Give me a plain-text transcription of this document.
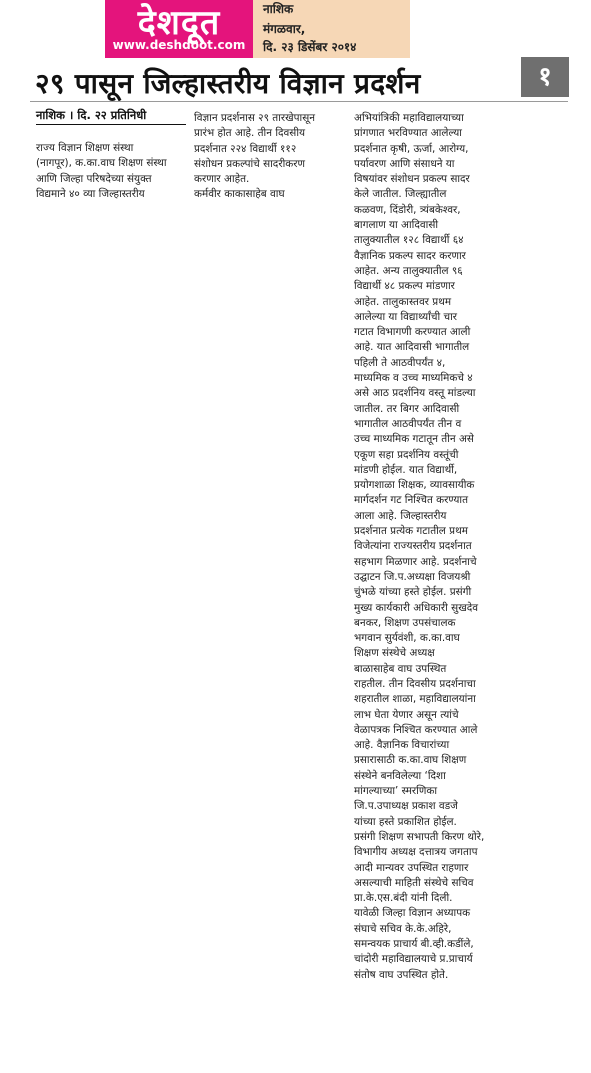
देशदूत
www.deshdoot.com
नाशिक
मंगळवार,
दि. २३ डिसेंबर २०१४
२९ पासून जिल्हास्तरीय विज्ञान प्रदर्शन	१
नाशिक । दि. २२ प्रतिनिधी
राज्य विज्ञान शिक्षण संस्था
(नागपूर), क.का.वाघ शिक्षण संस्था
आणि जिल्हा परिषदेच्या संयुक्त
विद्यमाने ४० व्या जिल्हास्तरीय
विज्ञान प्रदर्शनास २९ तारखेपासून
प्रारंभ होत आहे. तीन दिवसीय
प्रदर्शनात २२४ विद्यार्थी ११२
संशोधन प्रकल्पांचे सादरीकरण
करणार आहेत.
कर्मवीर काकासाहेब वाघ
अभियांत्रिकी महाविद्यालयाच्या
प्रांगणात भरविण्यात आलेल्या
प्रदर्शनात कृषी, ऊर्जा, आरोग्य,
पर्यावरण आणि संसाधने या
विषयांवर संशोधन प्रकल्प सादर
केले जातील. जिल्ह्यातील
कळवण, दिंडोरी, त्र्यंबकेश्‍वर,
बागलाण या आदिवासी
तालुक्यातील १२८ विद्यार्थी ६४
वैज्ञानिक प्रकल्प सादर करणार
आहेत. अन्य तालुक्यातील ९६
विद्यार्थी ४८ प्रकल्प मांडणार
आहेत. तालुकास्तवर प्रथम
आलेल्या या विद्यार्थ्यांची चार
गटात विभागणी करण्यात आली
आहे. यात आदिवासी भागातील
पहिली ते आठवीपर्यंत ४,
माध्यमिक व उच्च माध्यमिकचे ४
असे आठ प्रदर्शनिय वस्तू मांडल्या
जातील. तर बिगर आदिवासी
भागातील आठवीपर्यंत तीन व
उच्च माध्यमिक गटातून तीन असे
एकूण सहा प्रदर्शनिय वस्तूंची
मांडणी होईल. यात विद्यार्थी,
प्रयोगशाळा शिक्षक, व्यावसायीक
मार्गदर्शन गट निश्‍चित करण्यात
आला आहे. जिल्हास्तरीय
प्रदर्शनात प्रत्येक गटातील प्रथम
विजेत्यांना राज्यस्तरीय प्रदर्शनात
सहभाग मिळणार आहे. प्रदर्शनाचे
उद्घाटन जि.प.अध्यक्षा विजयश्री
चुंभळे यांच्या हस्ते होईल. प्रसंगी
मुख्य कार्यकारी अधिकारी सुखदेव
बनकर, शिक्षण उपसंचालक
भगवान सुर्यवंशी, क.का.वाघ
शिक्षण संस्थेचे अध्यक्ष
बाळासाहेब वाघ उपस्थित
राहतील. तीन दिवसीय प्रदर्शनाचा
शहरातील शाळा, महाविद्यालयांना
लाभ घेता येणार असून त्यांचे
वेळापत्रक निश्‍चित करण्यात आले
आहे. वैज्ञानिक विचारांच्या
प्रसारासाठी क.का.वाघ शिक्षण
संस्थेने बनविलेल्या ‘दिशा
मांगल्याच्या’ स्मरणिका
जि.प.उपाध्यक्ष प्रकाश वडजे
यांच्या हस्ते प्रकाशित होईल.
प्रसंगी शिक्षण सभापती किरण थोरे,
विभागीय अध्यक्ष दत्तात्रय जगताप
आदी मान्यवर उपस्थित राहणार
असल्याची माहिती संस्थेचे सचिव
प्रा.के.एस.बंदी यांनी दिली.
यावेळी जिल्हा विज्ञान अध्यापक
संघाचे सचिव के.के.अहिरे,
समन्वयक प्राचार्य बी.व्ही.कडींले,
चांदोरी महाविद्यालयाचे प्र.प्राचार्य
संतोष वाघ उपस्थित होते.
